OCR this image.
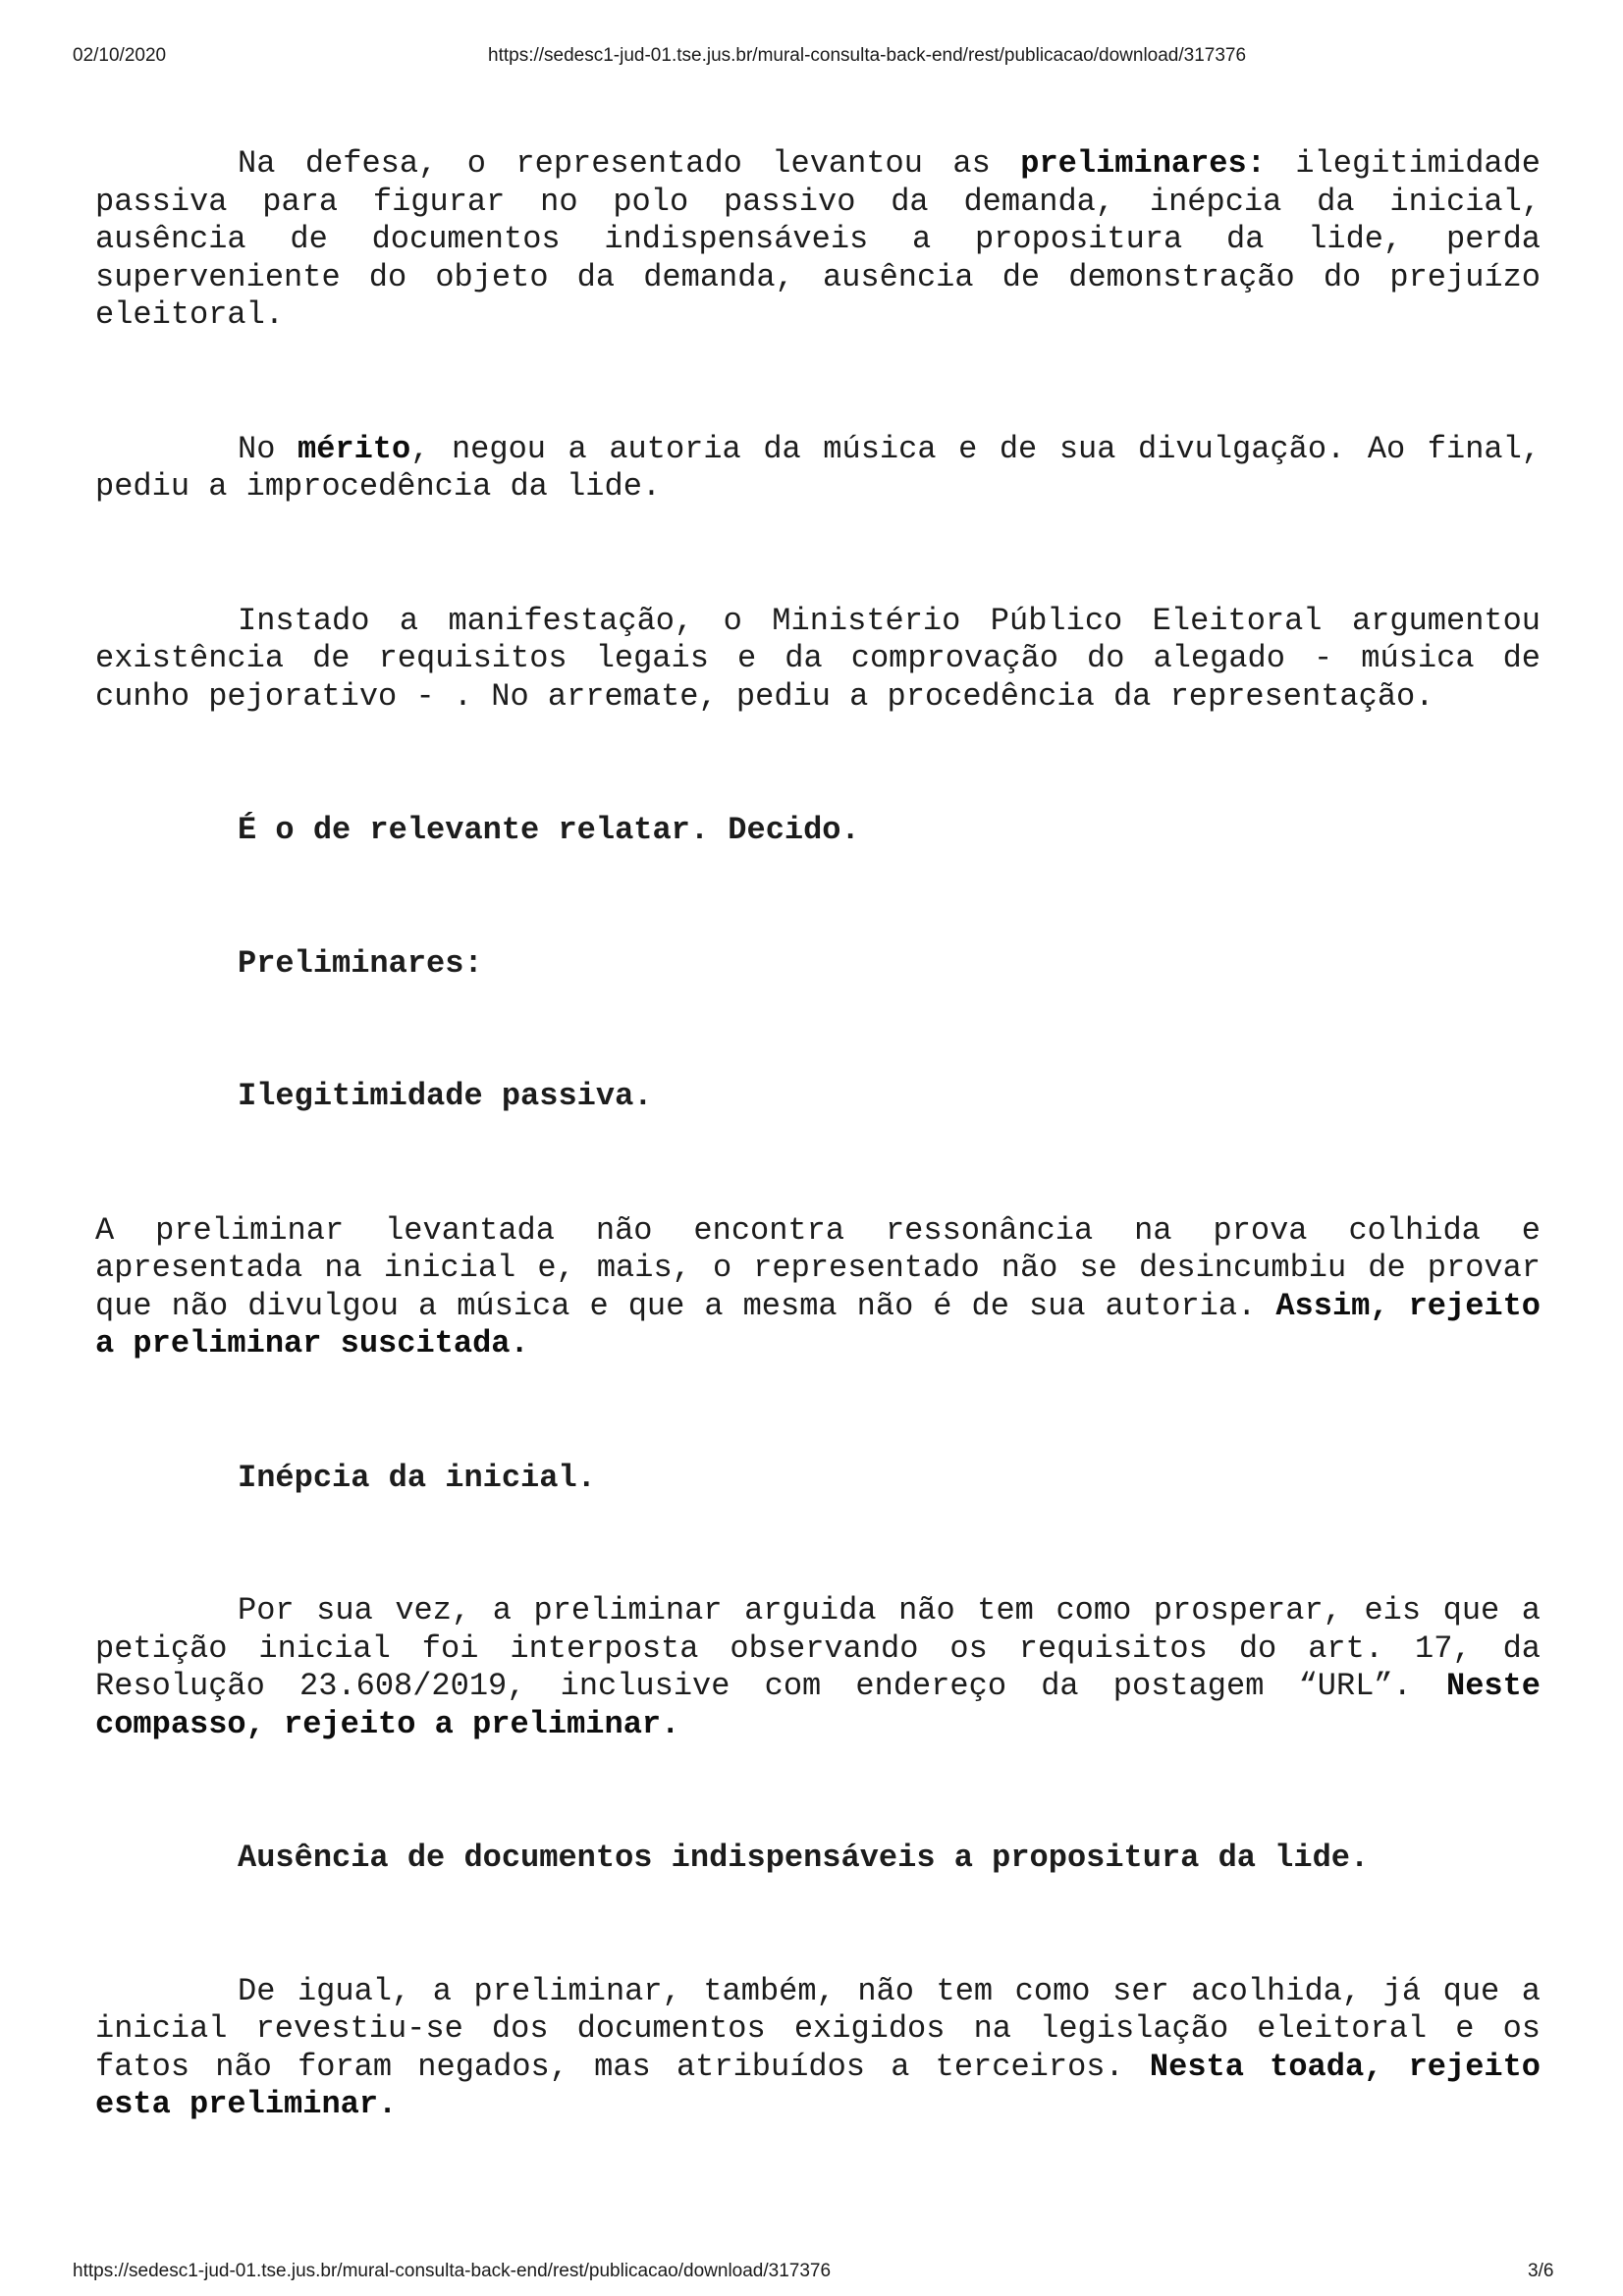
02/10/2020	https://sedesc1-jud-01.tse.jus.br/mural-consulta-back-end/rest/publicacao/download/317376

Na defesa, o representado levantou as preliminares: ilegitimidade passiva para figurar no polo passivo da demanda, inépcia da inicial, ausência de documentos indispensáveis a propositura da lide, perda superveniente do objeto da demanda, ausência de demonstração do prejuízo eleitoral.

No mérito, negou a autoria da música e de sua divulgação. Ao final, pediu a improcedência da lide.

Instado a manifestação, o Ministério Público Eleitoral argumentou existência de requisitos legais e da comprovação do alegado - música de cunho pejorativo - . No arremate, pediu a procedência da representação.

É o de relevante relatar. Decido.

Preliminares:

Ilegitimidade passiva.

A preliminar levantada não encontra ressonância na prova colhida e apresentada na inicial e, mais, o representado não se desincumbiu de provar que não divulgou a música e que a mesma não é de sua autoria. Assim, rejeito a preliminar suscitada.

Inépcia da inicial.

Por sua vez, a preliminar arguida não tem como prosperar, eis que a petição inicial foi interposta observando os requisitos do art. 17, da Resolução 23.608/2019, inclusive com endereço da postagem “URL”. Neste compasso, rejeito a preliminar.

Ausência de documentos indispensáveis a propositura da lide.

De igual, a preliminar, também, não tem como ser acolhida, já que a inicial revestiu-se dos documentos exigidos na legislação eleitoral e os fatos não foram negados, mas atribuídos a terceiros. Nesta toada, rejeito esta preliminar.

https://sedesc1-jud-01.tse.jus.br/mural-consulta-back-end/rest/publicacao/download/317376	3/6
